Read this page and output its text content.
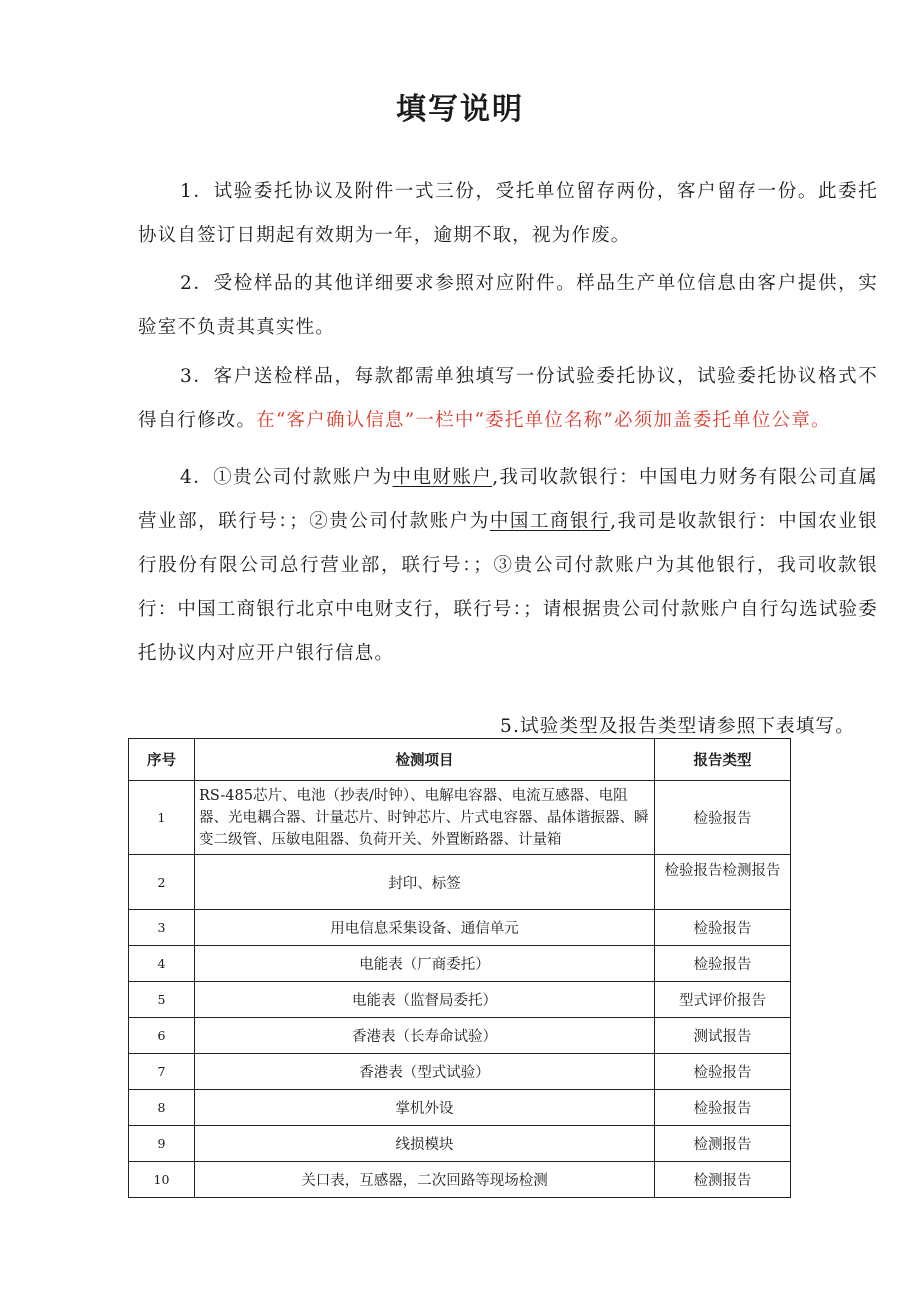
填写说明
1．试验委托协议及附件一式三份，受托单位留存两份，客户留存一份。此委托协议自签订日期起有效期为一年，逾期不取，视为作废。
2．受检样品的其他详细要求参照对应附件。样品生产单位信息由客户提供，实验室不负责其真实性。
3．客户送检样品，每款都需单独填写一份试验委托协议，试验委托协议格式不得自行修改。在“客户确认信息”一栏中“委托单位名称”必须加盖委托单位公章。
4．①贵公司付款账户为中电财账户,我司收款银行：中国电力财务有限公司直属营业部，联行号：；②贵公司付款账户为中国工商银行,我司是收款银行：中国农业银行股份有限公司总行营业部，联行号：；③贵公司付款账户为其他银行，我司收款银行：中国工商银行北京中电财支行，联行号：；请根据贵公司付款账户自行勾选试验委托协议内对应开户银行信息。
5.试验类型及报告类型请参照下表填写。
序号	检测项目	报告类型
1	RS-485芯片、电池（抄表/时钟）、电解电容器、电流互感器、电阻器、光电耦合器、计量芯片、时钟芯片、片式电容器、晶体谐振器、瞬变二级管、压敏电阻器、负荷开关、外置断路器、计量箱	检验报告
2	封印、标签	检验报告检测报告
3	用电信息采集设备、通信单元	检验报告
4	电能表（厂商委托）	检验报告
5	电能表（监督局委托）	型式评价报告
6	香港表（长寿命试验）	测试报告
7	香港表（型式试验）	检验报告
8	掌机外设	检验报告
9	线损模块	检测报告
10	关口表，互感器，二次回路等现场检测	检测报告
